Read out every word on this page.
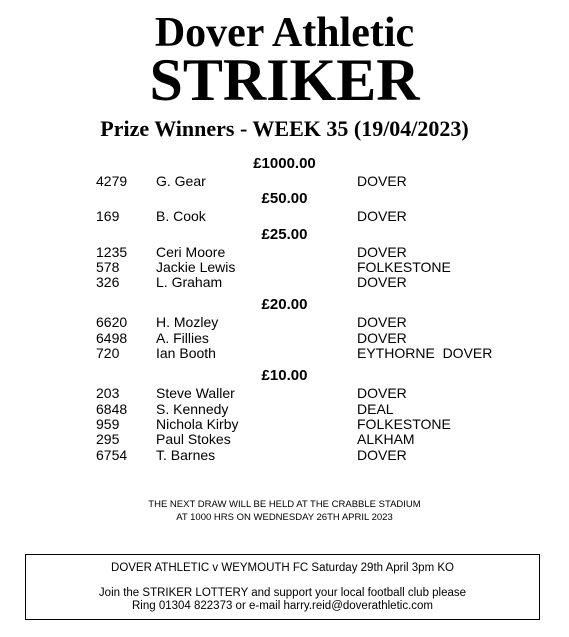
Dover Athletic
STRIKER
Prize Winners - WEEK 35 (19/04/2023)
£1000.00
4279 G. Gear	DOVER
£50.00
169	B. Cook	DOVER
£25.00
1235 Ceri Moore	DOVER
578	Jackie Lewis	FOLKESTONE
326	L. Graham	DOVER
£20.00
6620 H. Mozley	DOVER
6498 A. Fillies	DOVER
720	Ian Booth	EYTHORNE  DOVER
£10.00
203	Steve Waller	DOVER
6848 S. Kennedy	DEAL
959	Nichola Kirby	FOLKESTONE
295	Paul Stokes	ALKHAM
6754 T. Barnes	DOVER
THE NEXT DRAW WILL BE HELD AT THE CRABBLE STADIUM
AT 1000 HRS ON WEDNESDAY 26TH APRIL 2023
DOVER ATHLETIC v WEYMOUTH FC Saturday 29th April 3pm KO
Join the STRIKER LOTTERY and support your local football club please
Ring 01304 822373 or e-mail harry.reid@doverathletic.com
